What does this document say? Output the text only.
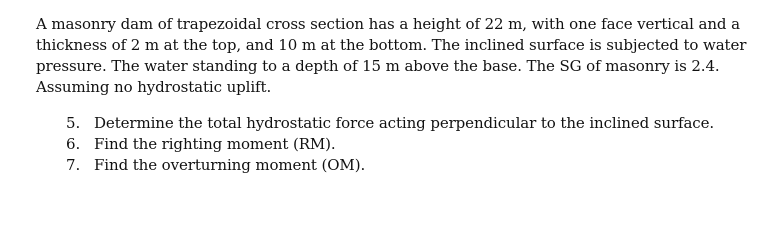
A masonry dam of trapezoidal cross section has a height of 22 m, with one face vertical and a thickness of 2 m at the top, and 10 m at the bottom. The inclined surface is subjected to water pressure. The water standing to a depth of 15 m above the base. The SG of masonry is 2.4. Assuming no hydrostatic uplift.

5. Determine the total hydrostatic force acting perpendicular to the inclined surface.
6. Find the righting moment (RM).
7. Find the overturning moment (OM).
